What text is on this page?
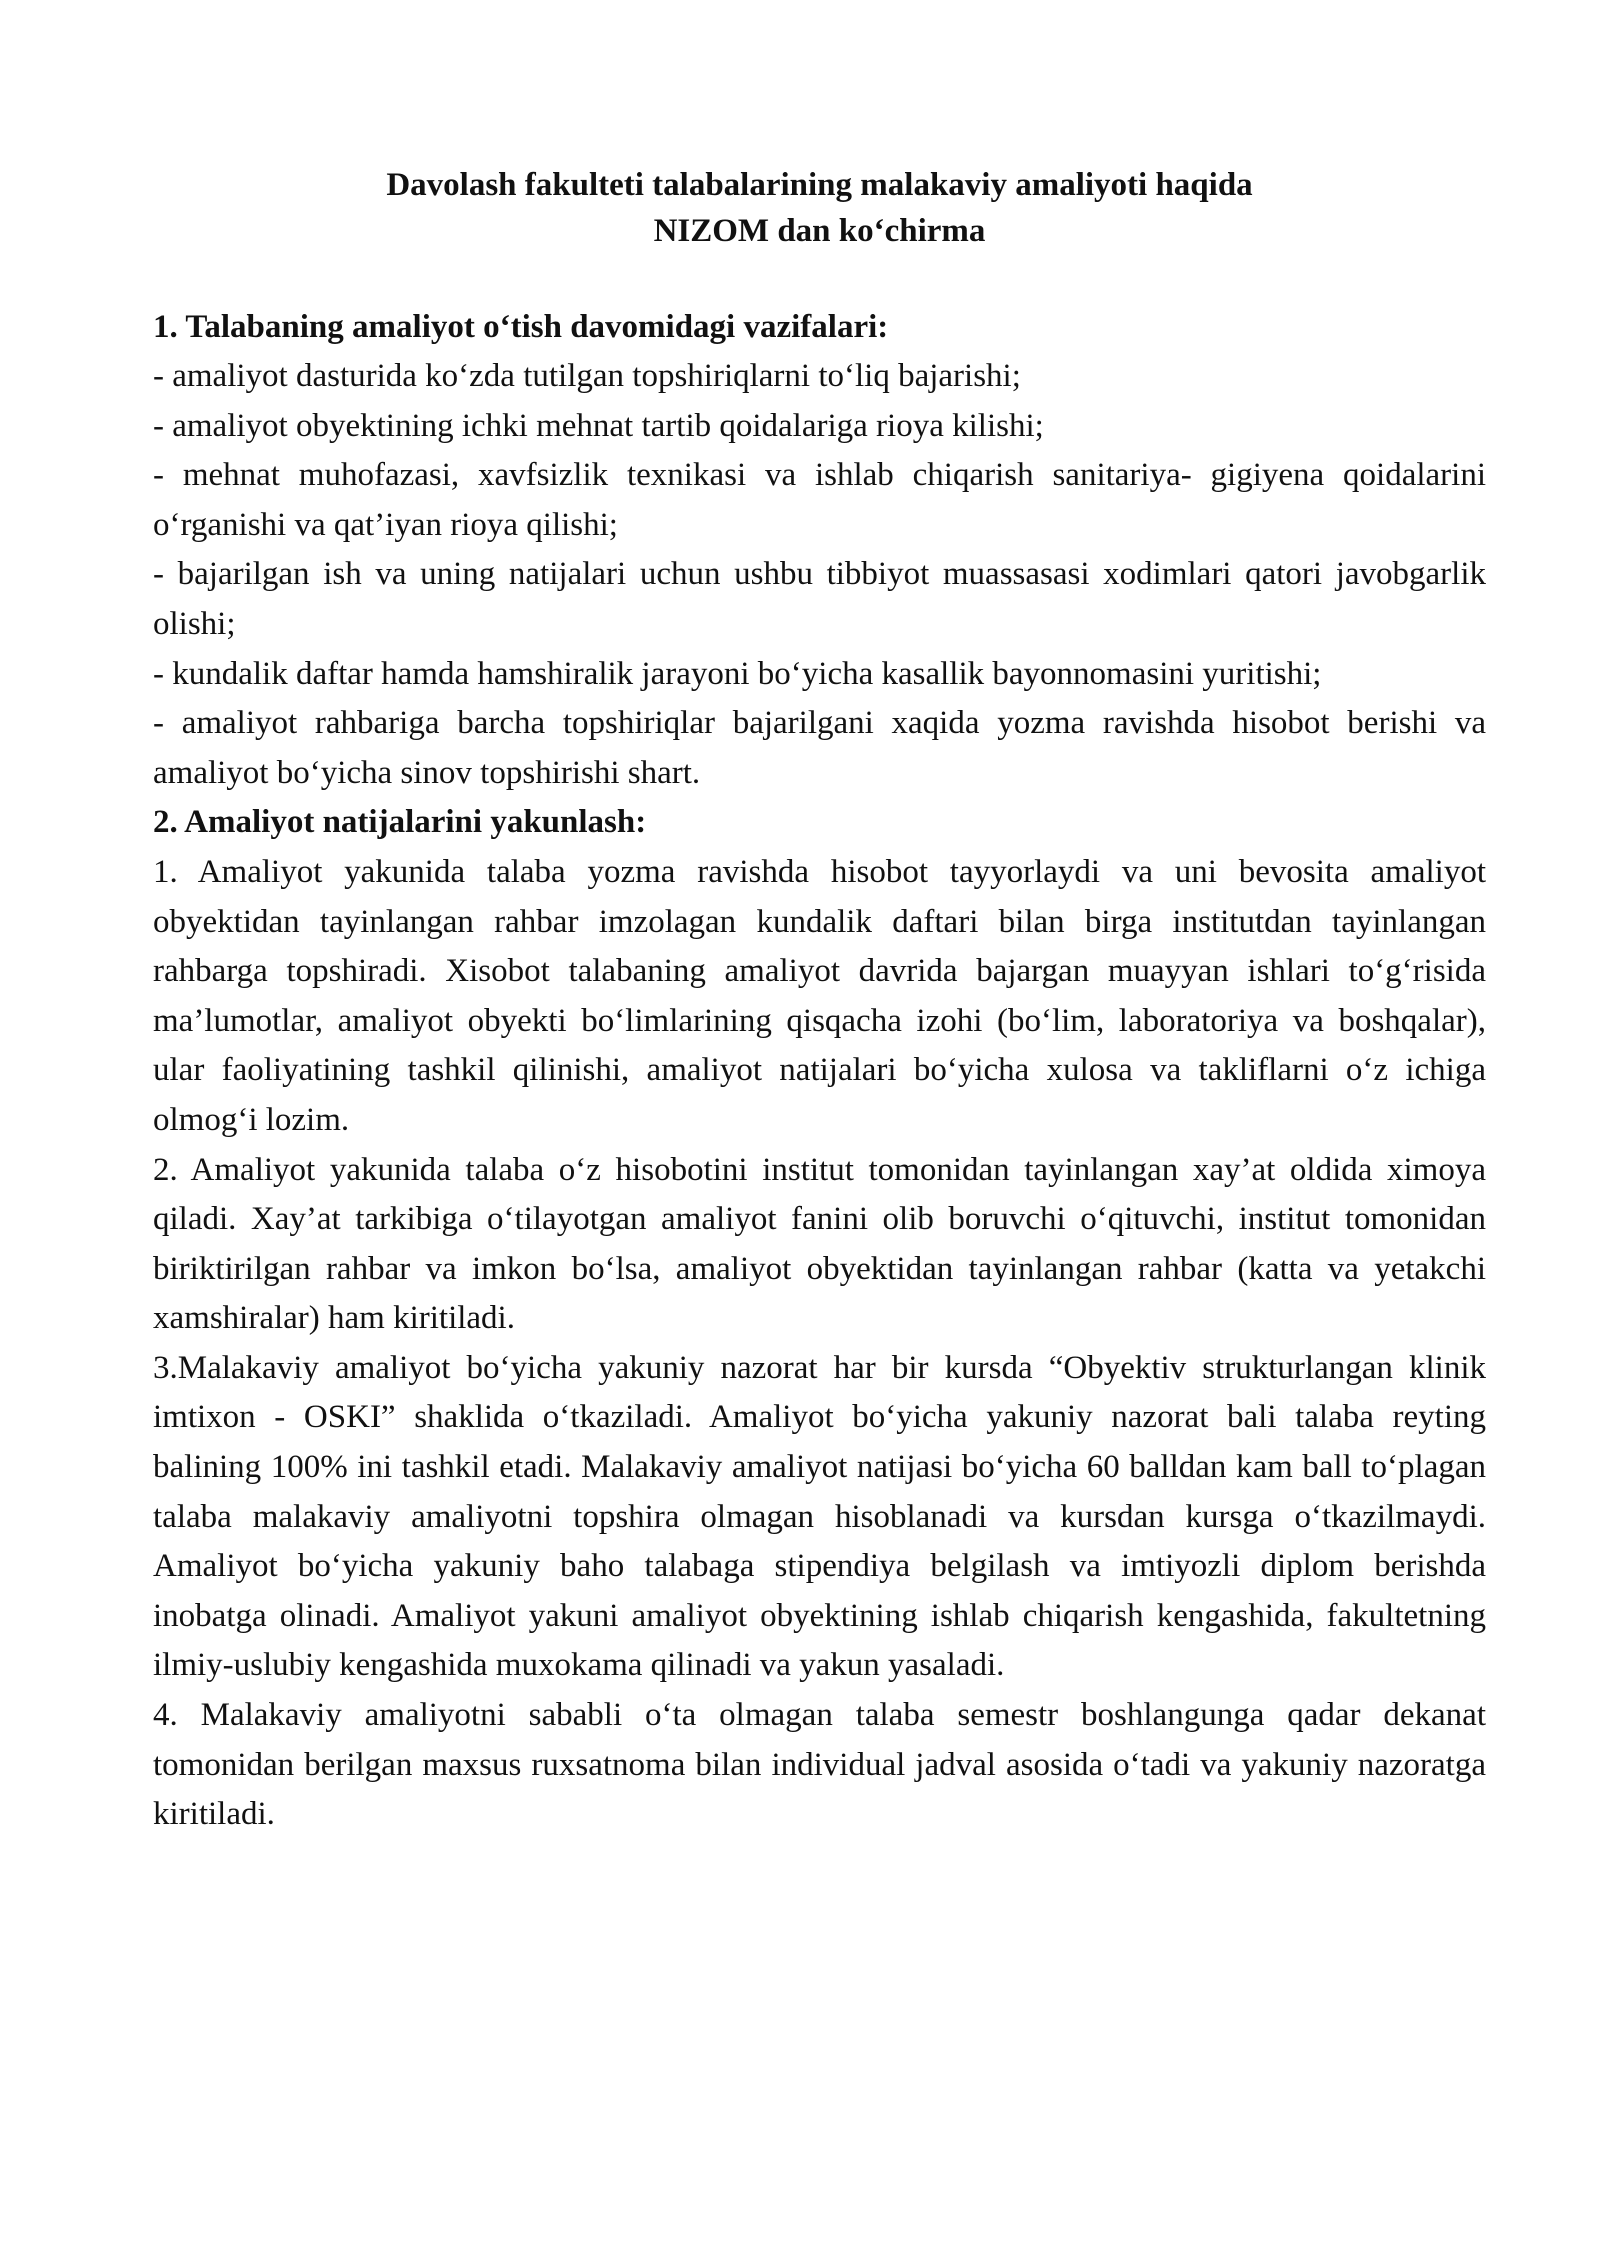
Davolash fakulteti talabalarining malakaviy amaliyoti haqida
NIZOM dan ko‘chirma

1. Talabaning amaliyot o‘tish davomidagi vazifalari:

- amaliyot dasturida ko‘zda tutilgan topshiriqlarni to‘liq bajarishi;

- amaliyot obyektining ichki mehnat tartib qoidalariga rioya kilishi;

- mehnat muhofazasi, xavfsizlik texnikasi va ishlab chiqarish sanitariya- gigiyena qoidalarini o‘rganishi va qat’iyan rioya qilishi;

- bajarilgan ish va uning natijalari uchun ushbu tibbiyot muassasasi xodimlari qatori javobgarlik olishi;

- kundalik daftar hamda hamshiralik jarayoni bo‘yicha kasallik bayonnomasini yuritishi;

- amaliyot rahbariga barcha topshiriqlar bajarilgani xaqida yozma ravishda hisobot berishi va amaliyot bo‘yicha sinov topshirishi shart.

2. Amaliyot natijalarini yakunlash:

1. Amaliyot yakunida talaba yozma ravishda hisobot tayyorlaydi va uni bevosita amaliyot obyektidan tayinlangan rahbar imzolagan kundalik daftari bilan birga institutdan tayinlangan rahbarga topshiradi. Xisobot talabaning amaliyot davrida bajargan muayyan ishlari to‘g‘risida ma’lumotlar, amaliyot obyekti bo‘limlarining qisqacha izohi (bo‘lim, laboratoriya va boshqalar), ular faoliyatining tashkil qilinishi, amaliyot natijalari bo‘yicha xulosa va takliflarni o‘z ichiga olmog‘i lozim.

2. Amaliyot yakunida talaba o‘z hisobotini institut tomonidan tayinlangan xay’at oldida ximoya qiladi. Xay’at tarkibiga o‘tilayotgan amaliyot fanini olib boruvchi o‘qituvchi, institut tomonidan biriktirilgan rahbar va imkon bo‘lsa, amaliyot obyektidan tayinlangan rahbar (katta va yetakchi xamshiralar) ham kiritiladi.

3.Malakaviy amaliyot bo‘yicha yakuniy nazorat har bir kursda “Obyektiv strukturlangan klinik imtixon - OSKI” shaklida o‘tkaziladi. Amaliyot bo‘yicha yakuniy nazorat bali talaba reyting balining 100% ini tashkil etadi. Malakaviy amaliyot natijasi bo‘yicha 60 balldan kam ball to‘plagan talaba malakaviy amaliyotni topshira olmagan hisoblanadi va kursdan kursga o‘tkazilmaydi. Amaliyot bo‘yicha yakuniy baho talabaga stipendiya belgilash va imtiyozli diplom berishda inobatga olinadi. Amaliyot yakuni amaliyot obyektining ishlab chiqarish kengashida, fakultetning ilmiy-uslubiy kengashida muxokama qilinadi va yakun yasaladi.

4. Malakaviy amaliyotni sababli o‘ta olmagan talaba semestr boshlangunga qadar dekanat tomonidan berilgan maxsus ruxsatnoma bilan individual jadval asosida o‘tadi va yakuniy nazoratga kiritiladi.
